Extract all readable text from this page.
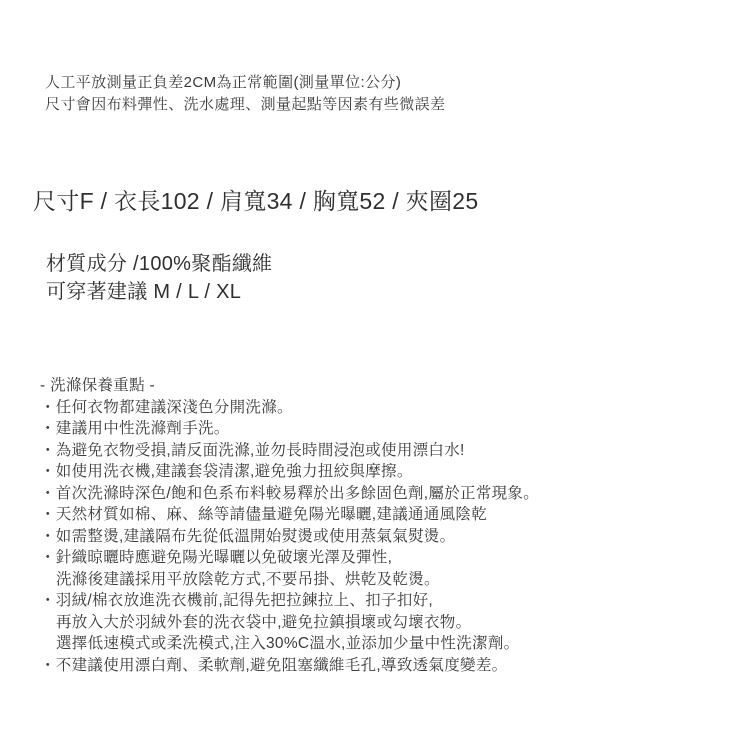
人工平放測量正負差2CM為正常範圍(測量單位:公分)
尺寸會因布料彈性、洗水處理、測量起點等因素有些微誤差
尺寸F / 衣長102 / 肩寬34 / 胸寬52 / 夾圈25
材質成分 /100%聚酯纖維
可穿著建議 M / L / XL
- 洗滌保養重點 -
・任何衣物都建議深淺色分開洗滌。
・建議用中性洗滌劑手洗。
・為避免衣物受損,請反面洗滌,並勿長時間浸泡或使用漂白水!
・如使用洗衣機,建議套袋清潔,避免強力扭絞與摩擦。
・首次洗滌時深色/飽和色系布料較易釋於出多餘固色劑,屬於正常現象。
・天然材質如棉、麻、絲等請儘量避免陽光曝曬,建議通通風陰乾
・如需整燙,建議隔布先從低溫開始熨燙或使用蒸氣氣熨燙。
・針織晾曬時應避免陽光曝曬以免破壞光澤及彈性,
洗滌後建議採用平放陰乾方式,不要吊掛、烘乾及乾燙。
・羽絨/棉衣放進洗衣機前,記得先把拉鍊拉上、扣子扣好,
再放入大於羽絨外套的洗衣袋中,避免拉鎮損壞或勾壞衣物。
選擇低速模式或柔洗模式,注入30%C溫水,並添加少量中性洗潔劑。
・不建議使用漂白劑、柔軟劑,避免阻塞纖維毛孔,導致透氣度變差。
